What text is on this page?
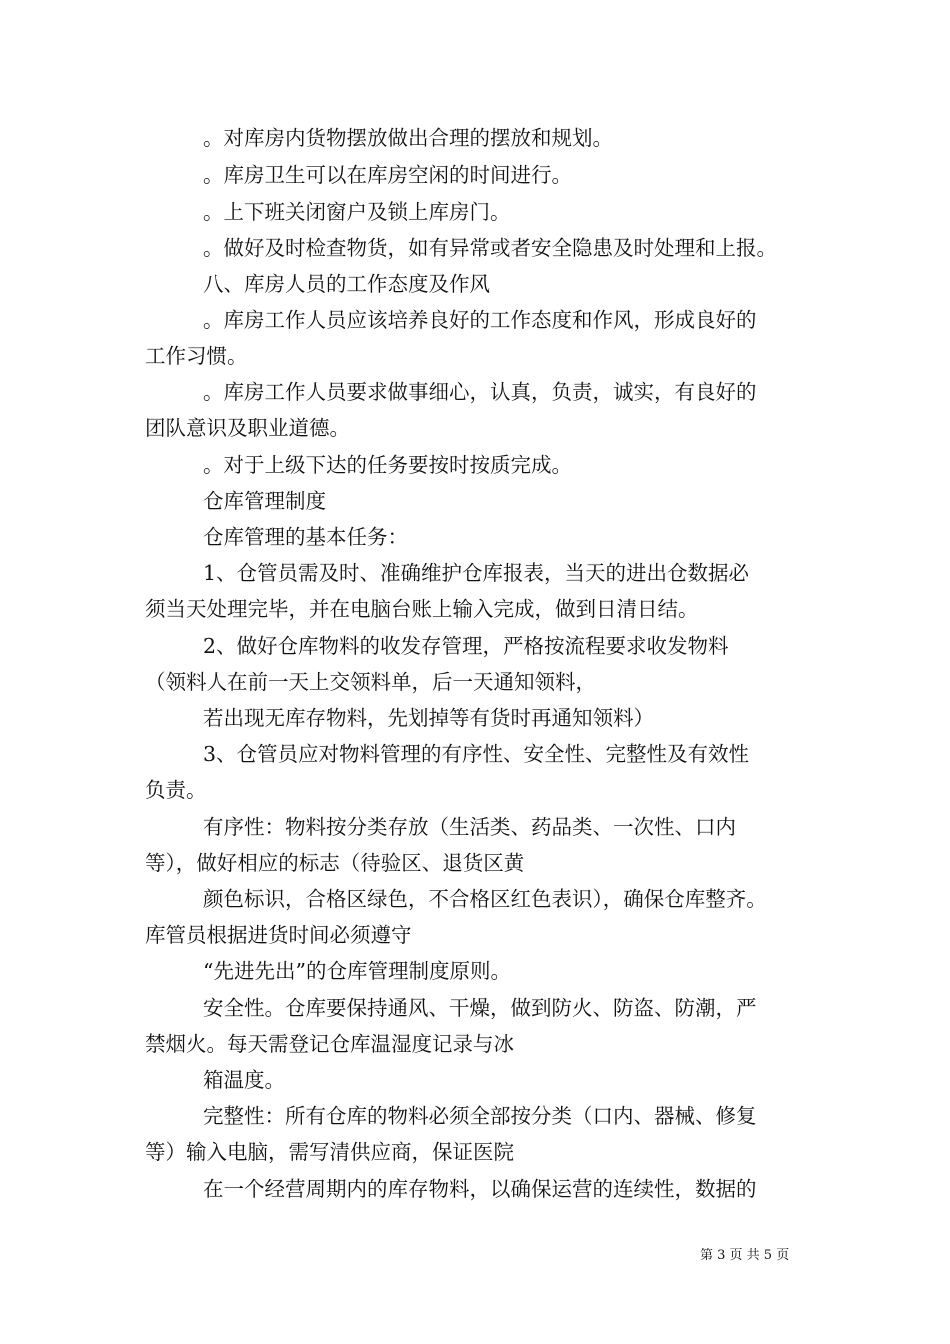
。对库房内货物摆放做出合理的摆放和规划。
。库房卫生可以在库房空闲的时间进行。
。上下班关闭窗户及锁上库房门。
。做好及时检查物货，如有异常或者安全隐患及时处理和上报。
八、库房人员的工作态度及作风
。库房工作人员应该培养良好的工作态度和作风，形成良好的
工作习惯。
。库房工作人员要求做事细心，认真，负责，诚实，有良好的
团队意识及职业道德。
。对于上级下达的任务要按时按质完成。
仓库管理制度
仓库管理的基本任务：
1、仓管员需及时、准确维护仓库报表，当天的进出仓数据必
须当天处理完毕，并在电脑台账上输入完成，做到日清日结。
2、做好仓库物料的收发存管理，严格按流程要求收发物料
（领料人在前一天上交领料单，后一天通知领料，
若出现无库存物料，先划掉等有货时再通知领料）
3、仓管员应对物料管理的有序性、安全性、完整性及有效性
负责。
有序性：物料按分类存放（生活类、药品类、一次性、口内
等），做好相应的标志（待验区、退货区黄
颜色标识，合格区绿色，不合格区红色表识），确保仓库整齐。
库管员根据进货时间必须遵守
“先进先出”的仓库管理制度原则。
安全性。仓库要保持通风、干燥，做到防火、防盗、防潮，严
禁烟火。每天需登记仓库温湿度记录与冰
箱温度。
完整性：所有仓库的物料必须全部按分类（口内、器械、修复
等）输入电脑，需写清供应商，保证医院
在一个经营周期内的库存物料，以确保运营的连续性，数据的
第 3 页 共 5 页
